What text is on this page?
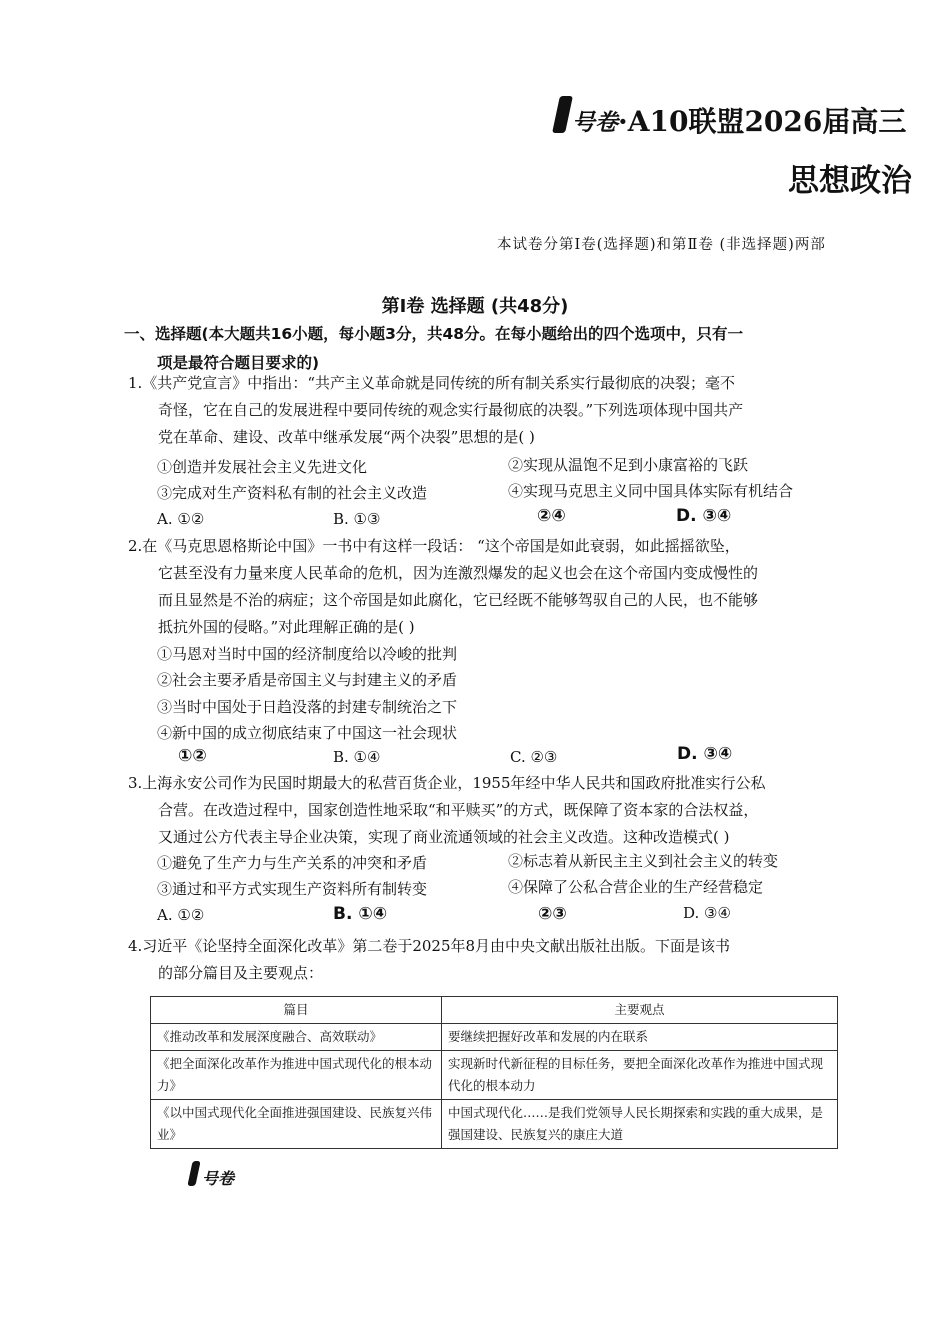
号卷 ·A10联盟2026届高三
思想政治
本试卷分第Ⅰ卷(选择题)和第Ⅱ卷 (非选择题)两部
第Ⅰ卷 选择题 (共48分)
一、选择题(本大题共16小题，每小题3分，共48分。在每小题给出的四个选项中，只有一
项是最符合题目要求的)
1.《共产党宣言》中指出：“共产主义革命就是同传统的所有制关系实行最彻底的决裂；毫不
奇怪，它在自己的发展进程中要同传统的观念实行最彻底的决裂。”下列选项体现中国共产
党在革命、建设、改革中继承发展“两个决裂”思想的是( )
①创造并发展社会主义先进文化	②实现从温饱不足到小康富裕的飞跃
③完成对生产资料私有制的社会主义改造	④实现马克思主义同中国具体实际有机结合
A. ①②	B. ①③	②④	D. ③④
2.在《马克思恩格斯论中国》一书中有这样一段话： “这个帝国是如此衰弱，如此摇摇欲坠，
它甚至没有力量来度人民革命的危机，因为连激烈爆发的起义也会在这个帝国内变成慢性的
而且显然是不治的病症；这个帝国是如此腐化，它已经既不能够驾驭自己的人民，也不能够
抵抗外国的侵略。”对此理解正确的是( )
①马恩对当时中国的经济制度给以冷峻的批判
②社会主要矛盾是帝国主义与封建主义的矛盾
③当时中国处于日趋没落的封建专制统治之下
④新中国的成立彻底结束了中国这一社会现状
①②	B. ①④	C. ②③	D. ③④
3.上海永安公司作为民国时期最大的私营百货企业，1955年经中华人民共和国政府批准实行公私
合营。在改造过程中，国家创造性地采取“和平赎买”的方式，既保障了资本家的合法权益，
又通过公方代表主导企业决策，实现了商业流通领域的社会主义改造。这种改造模式( )
①避免了生产力与生产关系的冲突和矛盾	②标志着从新民主主义到社会主义的转变
③通过和平方式实现生产资料所有制转变	④保障了公私合营企业的生产经营稳定
A. ①②	B. ①④	②③	D. ③④
4.习近平《论坚持全面深化改革》第二卷于2025年8月由中央文献出版社出版。下面是该书
的部分篇目及主要观点：
篇目	主要观点
《推动改革和发展深度融合、高效联动》	要继续把握好改革和发展的内在联系
《把全面深化改革作为推进中国式现代化的根本动力》	实现新时代新征程的目标任务，要把全面深化改革作为推进中国式现代化的根本动力
《以中国式现代化全面推进强国建设、民族复兴伟业》	中国式现代化……是我们党领导人民长期探索和实践的重大成果，是强国建设、民族复兴的康庄大道
号卷
